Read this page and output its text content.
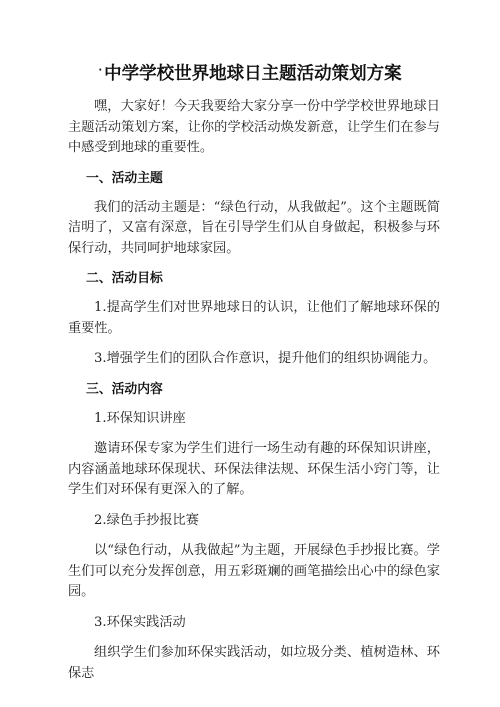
· 中学学校世界地球日主题活动策划方案

嘿，大家好！今天我要给大家分享一份中学学校世界地球日主题活动策划方案，让你的学校活动焕发新意，让学生们在参与中感受到地球的重要性。

一、活动主题

我们的活动主题是：“绿色行动，从我做起”。这个主题既简洁明了，又富有深意，旨在引导学生们从自身做起，积极参与环保行动，共同呵护地球家园。

二、活动目标

1.提高学生们对世界地球日的认识，让他们了解地球环保的重要性。

3.增强学生们的团队合作意识，提升他们的组织协调能力。

三、活动内容

1.环保知识讲座

邀请环保专家为学生们进行一场生动有趣的环保知识讲座，内容涵盖地球环保现状、环保法律法规、环保生活小窍门等，让学生们对环保有更深入的了解。

2.绿色手抄报比赛

以“绿色行动，从我做起”为主题，开展绿色手抄报比赛。学生们可以充分发挥创意，用五彩斑斓的画笔描绘出心中的绿色家园。

3.环保实践活动

组织学生们参加环保实践活动，如垃圾分类、植树造林、环保志
